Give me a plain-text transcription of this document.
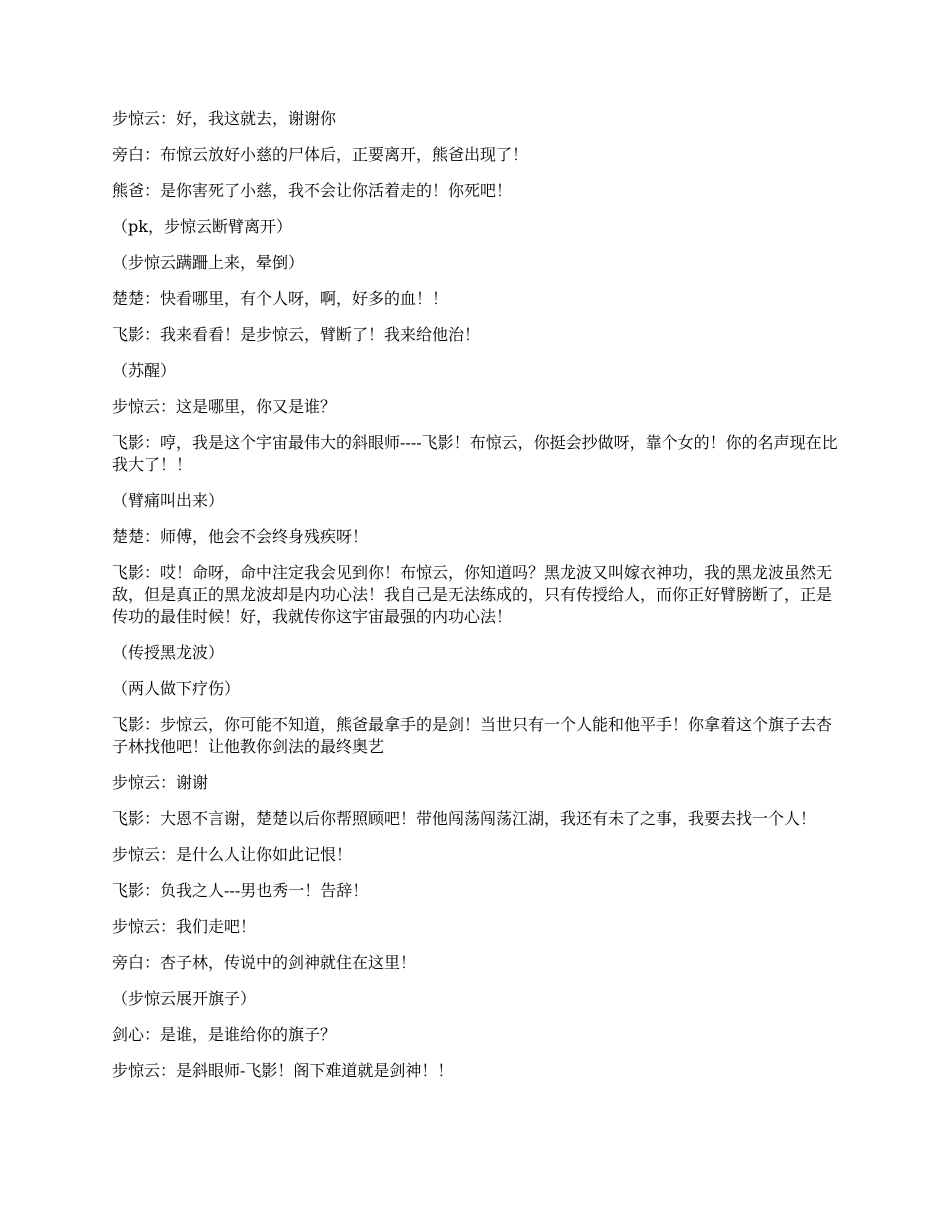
步惊云：好，我这就去，谢谢你

旁白：布惊云放好小慈的尸体后，正要离开，熊爸出现了！

熊爸：是你害死了小慈，我不会让你活着走的！你死吧！

（pk，步惊云断臂离开）

（步惊云蹒跚上来，晕倒）

楚楚：快看哪里，有个人呀，啊，好多的血！！

飞影：我来看看！是步惊云，臂断了！我来给他治！

（苏醒）

步惊云：这是哪里，你又是谁？

飞影：哼，我是这个宇宙最伟大的斜眼师----飞影！布惊云，你挺会抄做呀，靠个女的！你的名声现在比我大了！！

（臂痛叫出来）

楚楚：师傅，他会不会终身残疾呀！

飞影：哎！命呀，命中注定我会见到你！布惊云，你知道吗？黑龙波又叫嫁衣神功，我的黑龙波虽然无敌，但是真正的黑龙波却是内功心法！我自己是无法练成的，只有传授给人，而你正好臂膀断了，正是传功的最佳时候！好，我就传你这宇宙最强的内功心法！

（传授黑龙波）

（两人做下疗伤）

飞影：步惊云，你可能不知道，熊爸最拿手的是剑！当世只有一个人能和他平手！你拿着这个旗子去杏子林找他吧！让他教你剑法的最终奥艺

步惊云：谢谢

飞影：大恩不言谢，楚楚以后你帮照顾吧！带他闯荡闯荡江湖，我还有未了之事，我要去找一个人！

步惊云：是什么人让你如此记恨！

飞影：负我之人---男也秀一！告辞！

步惊云：我们走吧！

旁白：杏子林，传说中的剑神就住在这里！

（步惊云展开旗子）

剑心：是谁，是谁给你的旗子？

步惊云：是斜眼师-飞影！阁下难道就是剑神！！
